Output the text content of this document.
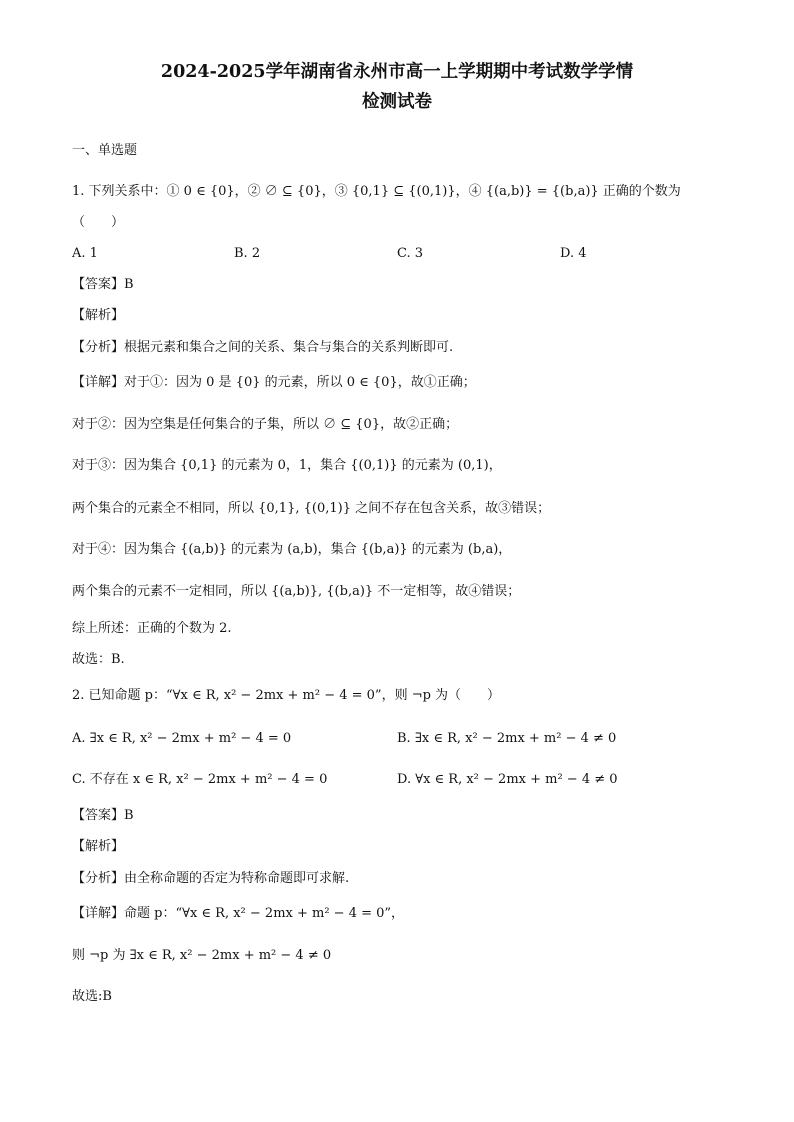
2024-2025学年湖南省永州市高一上学期期中考试数学学情
检测试卷
一、单选题
1. 下列关系中：① 0 ∈ {0}，② ∅ ⊆ {0}，③ {0,1} ⊆ {(0,1)}，④ {(a,b)} = {(b,a)} 正确的个数为
（　　）
A. 1	B. 2	C. 3	D. 4
【答案】B
【解析】
【分析】根据元素和集合之间的关系、集合与集合的关系判断即可.
【详解】对于①：因为 0 是 {0} 的元素，所以 0 ∈ {0}，故①正确；
对于②：因为空集是任何集合的子集，所以 ∅ ⊆ {0}，故②正确；
对于③：因为集合 {0,1} 的元素为 0，1，集合 {(0,1)} 的元素为 (0,1)，
两个集合的元素全不相同，所以 {0,1}, {(0,1)} 之间不存在包含关系，故③错误；
对于④：因为集合 {(a,b)} 的元素为 (a,b)，集合 {(b,a)} 的元素为 (b,a)，
两个集合的元素不一定相同，所以 {(a,b)}, {(b,a)} 不一定相等，故④错误；
综上所述：正确的个数为 2.
故选：B.
2. 已知命题 p：“∀x ∈ R, x² − 2mx + m² − 4 = 0”，则 ¬p 为（　　）
A. ∃x ∈ R, x² − 2mx + m² − 4 = 0	B. ∃x ∈ R, x² − 2mx + m² − 4 ≠ 0
C. 不存在 x ∈ R, x² − 2mx + m² − 4 = 0	D. ∀x ∈ R, x² − 2mx + m² − 4 ≠ 0
【答案】B
【解析】
【分析】由全称命题的否定为特称命题即可求解.
【详解】命题 p：“∀x ∈ R, x² − 2mx + m² − 4 = 0”，
则 ¬p 为 ∃x ∈ R, x² − 2mx + m² − 4 ≠ 0
故选:B
